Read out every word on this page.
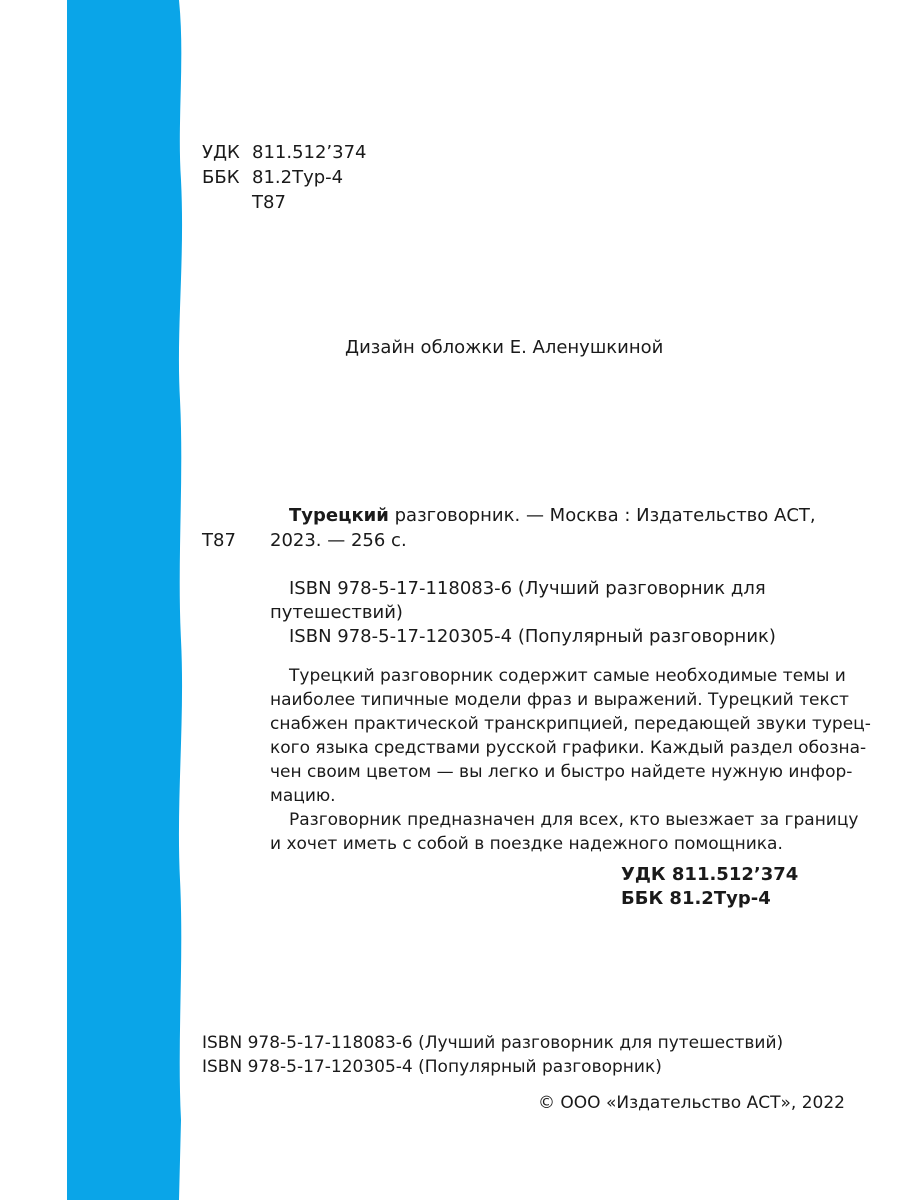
УДК 811.512’374
ББК 81.2Тур-4
Т87
Дизайн обложки Е. Аленушкиной
Т87
Турецкий разговорник. — Москва : Издательство АСТ,
2023. — 256 с.
ISBN 978-5-17-118083-6 (Лучший разговорник для
путешествий)
ISBN 978-5-17-120305-4 (Популярный разговорник)
Турецкий разговорник содержит самые необходимые темы и
наиболее типичные модели фраз и выражений. Турецкий текст
снабжен практической транскрипцией, передающей звуки турец-
кого языка средствами русской графики. Каждый раздел обозна-
чен своим цветом — вы легко и быстро найдете нужную инфор-
мацию.
Разговорник предназначен для всех, кто выезжает за границу
и хочет иметь с собой в поездке надежного помощника.
УДК 811.512’374
ББК 81.2Тур-4
ISBN 978-5-17-118083-6 (Лучший разговорник для путешествий)
ISBN 978-5-17-120305-4 (Популярный разговорник)
© ООО «Издательство АСТ», 2022
